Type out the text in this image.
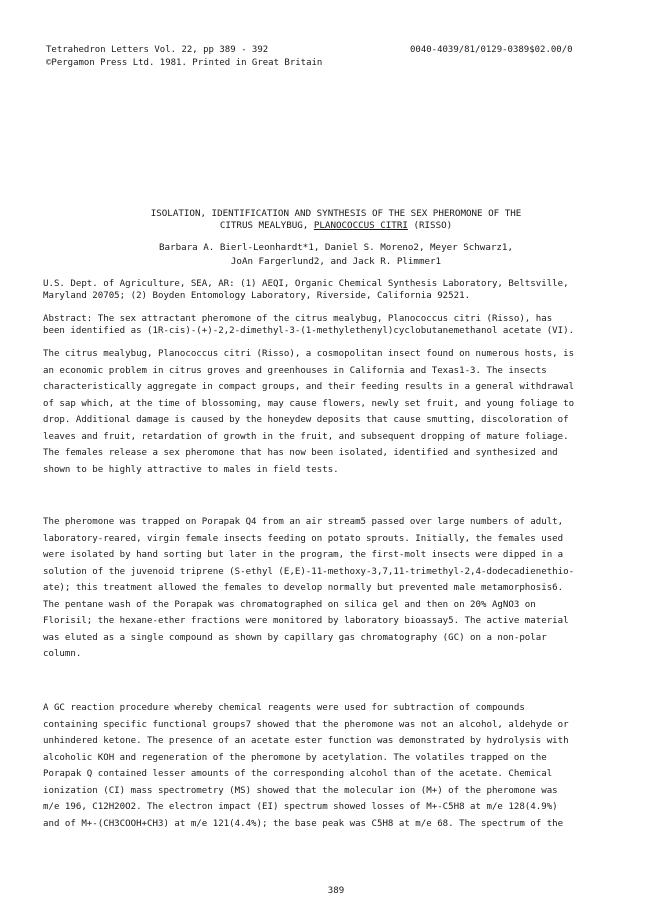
Tetrahedron Letters Vol. 22, pp 389 - 392
©Pergamon Press Ltd. 1981. Printed in Great Britain
0040-4039/81/0129-0389$02.00/0
ISOLATION, IDENTIFICATION AND SYNTHESIS OF THE SEX PHEROMONE OF THE
CITRUS MEALYBUG, PLANOCOCCUS CITRI (RISSO)
Barbara A. Bierl-Leonhardt*1, Daniel S. Moreno2, Meyer Schwarz1,
JoAn Fargerlund2, and Jack R. Plimmer1
U.S. Dept. of Agriculture, SEA, AR: (1) AEQI, Organic Chemical Synthesis Laboratory, Beltsville,
Maryland 20705; (2) Boyden Entomology Laboratory, Riverside, California 92521.
Abstract: The sex attractant pheromone of the citrus mealybug, Planococcus citri (Risso), has
been identified as (1R-cis)-(+)-2,2-dimethyl-3-(1-methylethenyl)cyclobutanemethanol acetate (VI).
The citrus mealybug, Planococcus citri (Risso), a cosmopolitan insect found on numerous hosts, is
an economic problem in citrus groves and greenhouses in California and Texas1-3. The insects
characteristically aggregate in compact groups, and their feeding results in a general withdrawal
of sap which, at the time of blossoming, may cause flowers, newly set fruit, and young foliage to
drop. Additional damage is caused by the honeydew deposits that cause smutting, discoloration of
leaves and fruit, retardation of growth in the fruit, and subsequent dropping of mature foliage.
The females release a sex pheromone that has now been isolated, identified and synthesized and
shown to be highly attractive to males in field tests.
The pheromone was trapped on Porapak Q4 from an air stream5 passed over large numbers of adult,
laboratory-reared, virgin female insects feeding on potato sprouts. Initially, the females used
were isolated by hand sorting but later in the program, the first-molt insects were dipped in a
solution of the juvenoid triprene (S-ethyl (E,E)-11-methoxy-3,7,11-trimethyl-2,4-dodecadienethio-
ate); this treatment allowed the females to develop normally but prevented male metamorphosis6.
The pentane wash of the Porapak was chromatographed on silica gel and then on 20% AgNO3 on
Florisil; the hexane-ether fractions were monitored by laboratory bioassay5. The active material
was eluted as a single compound as shown by capillary gas chromatography (GC) on a non-polar
column.
A GC reaction procedure whereby chemical reagents were used for subtraction of compounds
containing specific functional groups7 showed that the pheromone was not an alcohol, aldehyde or
unhindered ketone. The presence of an acetate ester function was demonstrated by hydrolysis with
alcoholic KOH and regeneration of the pheromone by acetylation. The volatiles trapped on the
Porapak Q contained lesser amounts of the corresponding alcohol than of the acetate. Chemical
ionization (CI) mass spectrometry (MS) showed that the molecular ion (M+) of the pheromone was
m/e 196, C12H20O2. The electron impact (EI) spectrum showed losses of M+-C5H8 at m/e 128(4.9%)
and of M+-(CH3COOH+CH3) at m/e 121(4.4%); the base peak was C5H8 at m/e 68. The spectrum of the
389
